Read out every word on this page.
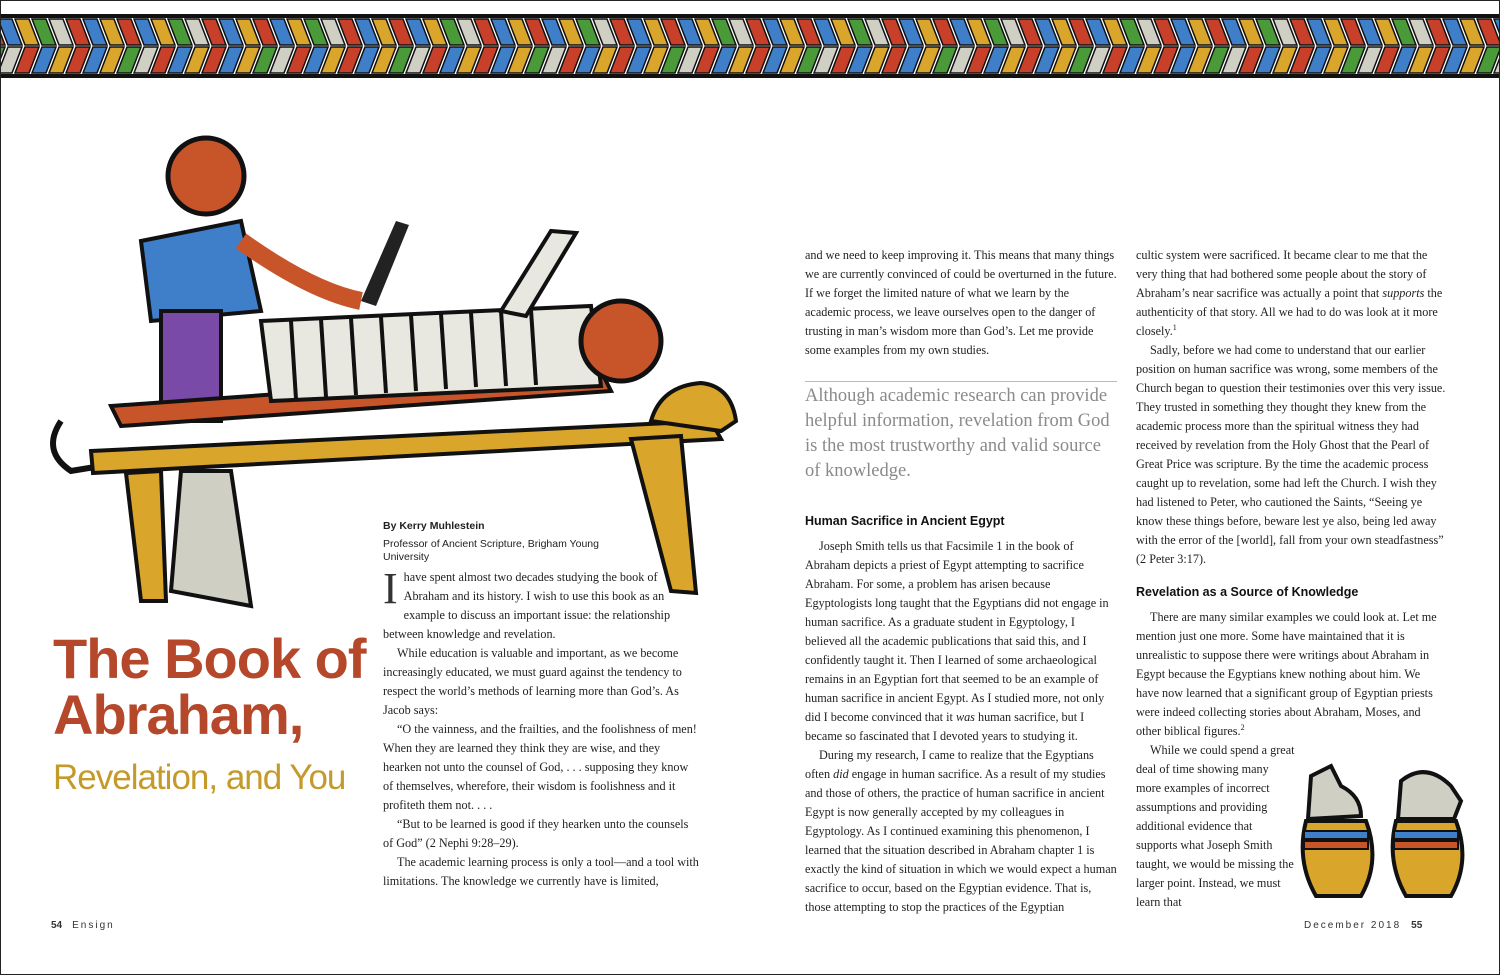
The Book of
Abraham,
Revelation, and You
By Kerry Muhlestein
Professor of Ancient Scripture, Brigham Young University

Ihave spent almost two decades studying the book of Abraham and its history. I wish to use this book as an example to discuss an important issue: the relationship between knowledge and revelation.

While education is valuable and important, as we become increasingly educated, we must guard against the tendency to respect the world’s methods of learning more than God’s. As Jacob says:

“O the vainness, and the frailties, and the foolishness of men! When they are learned they think they are wise, and they hearken not unto the counsel of God, . . . supposing they know of themselves, wherefore, their wisdom is foolishness and it profiteth them not. . . .

“But to be learned is good if they hearken unto the counsels of God” (2 Nephi 9:28–29).

The academic learning process is only a tool—and a tool with limitations. The knowledge we currently have is limited,

and we need to keep improving it. This means that many things we are currently convinced of could be overturned in the future. If we forget the limited nature of what we learn by the academic process, we leave ourselves open to the danger of trusting in man’s wisdom more than God’s. Let me provide some examples from my own studies.

Although academic research can provide helpful information, revelation from God is the most trustworthy and valid source of knowledge.
Human Sacrifice in Ancient Egypt

Joseph Smith tells us that Facsimile 1 in the book of Abraham depicts a priest of Egypt attempting to sacrifice Abraham. For some, a problem has arisen because Egyptologists long taught that the Egyptians did not engage in human sacrifice. As a graduate student in Egyptology, I believed all the academic publications that said this, and I confidently taught it. Then I learned of some archaeological remains in an Egyptian fort that seemed to be an example of human sacrifice in ancient Egypt. As I studied more, not only did I become convinced that it was human sacrifice, but I became so fascinated that I devoted years to studying it.

During my research, I came to realize that the Egyptians often did engage in human sacrifice. As a result of my studies and those of others, the practice of human sacrifice in ancient Egypt is now generally accepted by my colleagues in Egyptology. As I continued examining this phenomenon, I learned that the situation described in Abraham chapter 1 is exactly the kind of situation in which we would expect a human sacrifice to occur, based on the Egyptian evidence. That is, those attempting to stop the practices of the Egyptian

cultic system were sacrificed. It became clear to me that the very thing that had bothered some people about the story of Abraham’s near sacrifice was actually a point that supports the authenticity of that story. All we had to do was look at it more closely.$^1$

Sadly, before we had come to understand that our earlier position on human sacrifice was wrong, some members of the Church began to question their testimonies over this very issue. They trusted in something they thought they knew from the academic process more than the spiritual witness they had received by revelation from the Holy Ghost that the Pearl of Great Price was scripture. By the time the academic process caught up to revelation, some had left the Church. I wish they had listened to Peter, who cautioned the Saints, “Seeing ye know these things before, beware lest ye also, being led away with the error of the [world], fall from your own steadfastness” (2 Peter 3:17).

Revelation as a Source of Knowledge

There are many similar examples we could look at. Let me mention just one more. Some have maintained that it is unrealistic to suppose there were writings about Abraham in Egypt because the Egyptians knew nothing about him. We have now learned that a significant group of Egyptian priests were indeed collecting stories about Abraham, Moses, and other biblical figures.$^2$

While we could spend a great deal of time showing many more examples of incorrect assumptions and providing additional evidence that supports what Joseph Smith taught, we would be missing the larger point. Instead, we must learn that

54 Ensign	December 2018 55
